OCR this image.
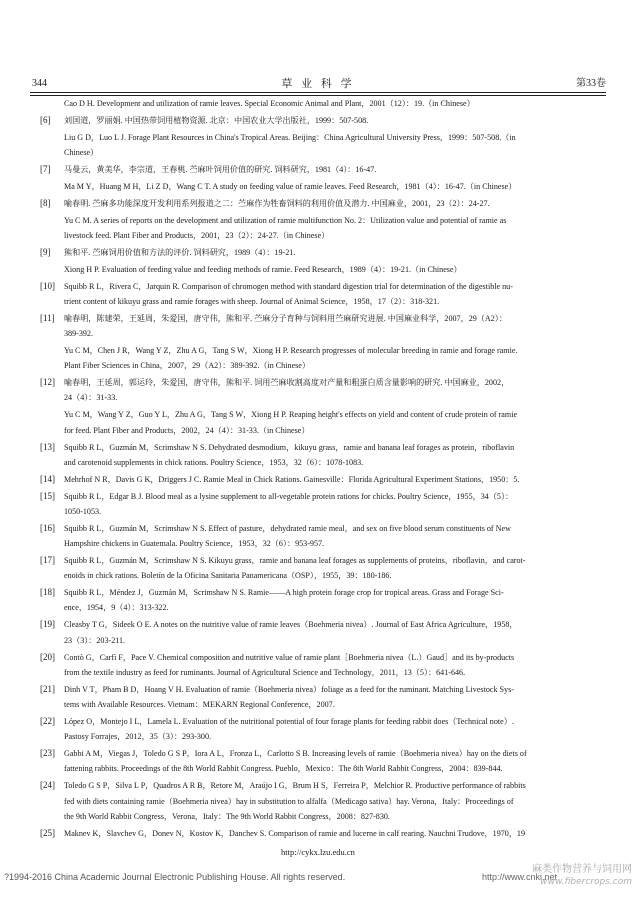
344	草 业 科 学	第33卷
Cao D H. Development and utilization of ramie leaves. Special Economic Animal and Plant，2001（12）：19.（in Chinese）
[6] 刘国道，罗丽娟. 中国热带饲用植物资源. 北京：中国农业大学出版社，1999：507-508.
Liu G D，Luo L J. Forage Plant Resources in China's Tropical Areas. Beijing：China Agricultural University Press，1999：507-508.（in
Chinese）
[7] 马曼云，黄美华，李宗道，王春桃. 苎麻叶饲用价值的研究. 饲料研究，1981（4）：16-47.
Ma M Y，Huang M H，Li Z D，Wang C T. A study on feeding value of ramie leaves. Feed Research，1981（4）：16-47.（in Chinese）
[8] 喻春明. 苎麻多功能深度开发利用系列报道之二：苎麻作为牲畜饲料的利用价值及潜力. 中国麻业，2001，23（2）：24-27.
Yu C M. A series of reports on the development and utilization of ramie multifunction No. 2：Utilization value and potential of ramie as
livestock feed. Plant Fiber and Products，2001，23（2）：24-27.（in Chinese）
[9] 熊和平. 苎麻饲用价值和方法的评价. 饲料研究，1989（4）：19-21.
Xiong H P. Evaluation of feeding value and feeding methods of ramie. Feed Research，1989（4）：19-21.（in Chinese）
[10] Squibb R L，Rivera C，Jarquin R. Comparison of chromogen method with standard digestion trial for determination of the digestible nu-
trient content of kikuyu grass and ramie forages with sheep. Journal of Animal Science，1958，17（2）：318-321.
[11] 喻春明，陈建荣，王延周，朱爱国，唐守伟，熊和平. 苎麻分子育种与饲料用苎麻研究进展. 中国麻业科学，2007，29（A2）：
389-392.
Yu C M，Chen J R，Wang Y Z，Zhu A G，Tang S W，Xiong H P. Research progresses of molecular breeding in ramie and forage ramie.
Plant Fiber Sciences in China，2007，29（A2）：389-392.（in Chinese）
[12] 喻春明，王延周，郭运玲，朱爱国，唐守伟，熊和平. 饲用苎麻收割高度对产量和粗蛋白质含量影响的研究. 中国麻业，2002，
24（4）：31-33.
Yu C M，Wang Y Z，Guo Y L，Zhu A G，Tang S W，Xiong H P. Reaping height's effects on yield and content of crude protein of ramie
for feed. Plant Fiber and Products，2002，24（4）：31-33.（in Chinese）
[13] Squibb R L，Guzmán M，Scrimshaw N S. Dehydrated desmodium，kikuyu grass，ramie and banana leaf forages as protein，riboflavin
and carotenoid supplements in chick rations. Poultry Science，1953，32（6）：1078-1083.
[14] Mehrhof N R，Davis G K，Driggers J C. Ramie Meal in Chick Rations. Gainesville：Florida Agricultural Experiment Stations，1950：5.
[15] Squibb R L，Edgar B J. Blood meal as a lysine supplement to all-vegetable protein rations for chicks. Poultry Science，1955，34（5）：
1050-1053.
[16] Squibb R L，Guzmán M，Scrimshaw N S. Effect of pasture，dehydrated ramie meal，and sex on five blood serum constituents of New
Hampshire chickens in Guatemala. Poultry Science，1953，32（6）：953-957.
[17] Squibb R L，Guzmán M，Scrimshaw N S. Kikuyu grass，ramie and banana leaf forages as supplements of proteins，riboflavin，and carot-
enoids in chick rations. Boletín de la Oficina Sanitaria Panamericana（OSP），1955，39：180-186.
[18] Squibb R L，Méndez J，Guzmán M，Scrimshaw N S. Ramie——A high protein forage crop for tropical areas. Grass and Forage Sci-
ence，1954，9（4）：313-322.
[19] Cleasby T G，Sideek O E. A notes on the nutritive value of ramie leaves（Boehmeria nivea）. Journal of East Africa Agriculture，1958，
23（3）：203-211.
[20] Contò G，Carfì F，Pace V. Chemical composition and nutritive value of ramie plant［Boehmeria nivea（L.）Gaud］and its by-products
from the textile industry as feed for ruminants. Journal of Agricultural Science and Technology，2011，13（5）：641-646.
[21] Dinh V T，Pham B D，Hoang V H. Evaluation of ramie（Boehmeria nivea）foliage as a feed for the ruminant. Matching Livestock Sys-
tems with Available Resources. Vietnam：MEKARN Regional Conference，2007.
[22] López O，Montejo I L，Lamela L. Evaluation of the nutritional potential of four forage plants for feeding rabbit does（Technical note）.
Pastosy Forrajes，2012，35（3）：293-300.
[23] Gabbi A M，Viegas J，Toledo G S P，Iora A L，Fronza L，Carlotto S B. Increasing levels of ramie（Boehmeria nivea）hay on the diets of
fattening rabbits. Proceedings of the 8th World Rabbit Congress. Pueblo，Mexico：The 8th World Rabbit Congress，2004：839-844.
[24] Toledo G S P，Silva L P，Quadros A R B，Retore M，Araújo I G，Brum H S，Ferreira P，Melchior R. Productive performance of rabbits
fed with diets containing ramie（Boehmeria nivea）hay in substitution to alfalfa（Medicago sativa）hay. Verona，Italy：Proceedings of
the 9th World Rabbit Congress，Verona，Italy：The 9th World Rabbit Congress，2008：827-830.
[25] Maknev K，Slavchev G，Donev N，Kostov K，Danchev S. Comparison of ramie and lucerne in calf rearing. Nauchni Trudove，1970，19
http://cykx.lzu.edu.cn
?1994-2016 China Academic Journal Electronic Publishing House. All rights reserved.	http://www.cnki.net
麻类作物营养与饲用网
www.fibercrops.com
